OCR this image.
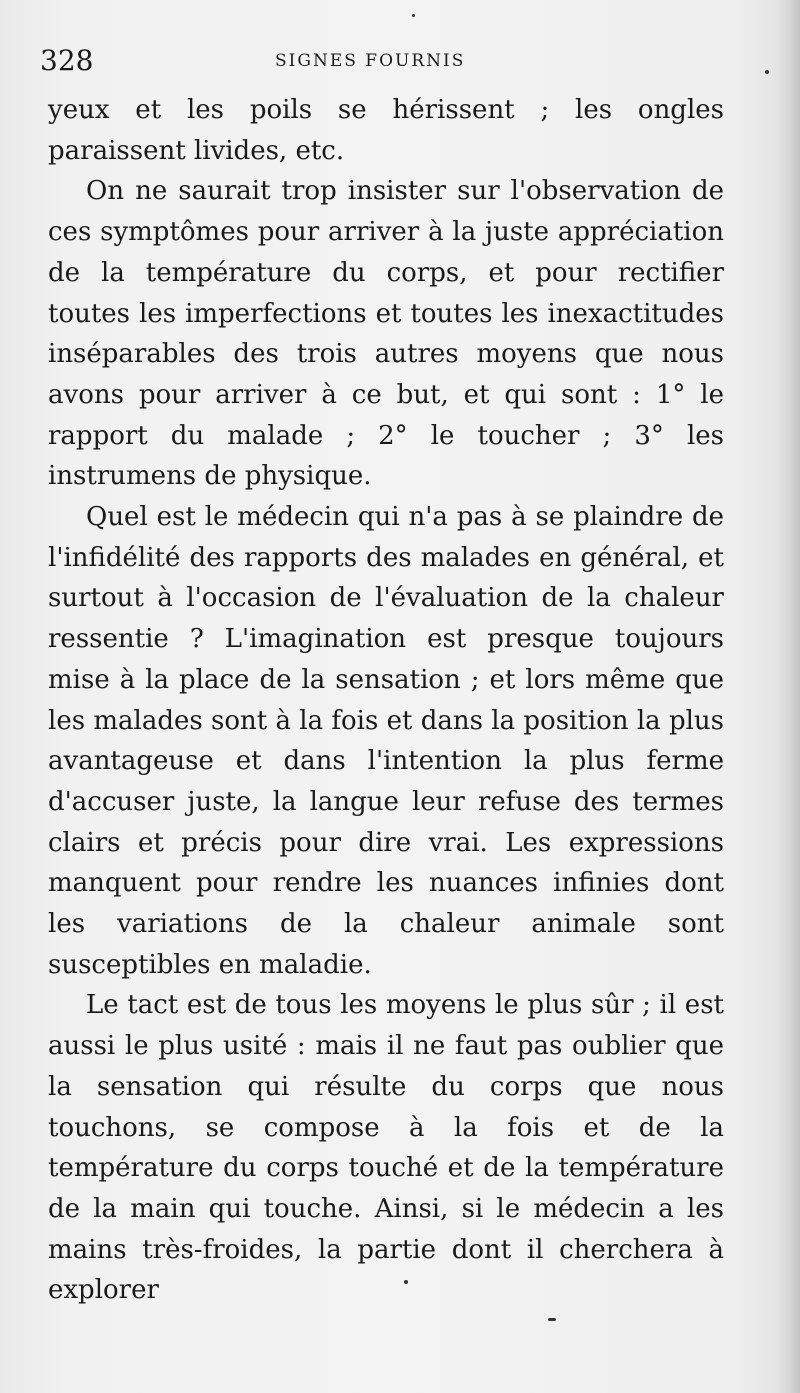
328	SIGNES FOURNIS

yeux et les poils se hérissent ; les ongles paraissent livides, etc.

On ne saurait trop insister sur l'observation de ces symptômes pour arriver à la juste appréciation de la température du corps, et pour rectifier toutes les imperfections et toutes les inexactitudes inséparables des trois autres moyens que nous avons pour arriver à ce but, et qui sont : 1° le rapport du malade ; 2° le toucher ; 3° les instrumens de physique.

Quel est le médecin qui n'a pas à se plaindre de l'infidélité des rapports des malades en général, et surtout à l'occasion de l'évaluation de la chaleur ressentie ? L'imagination est presque toujours mise à la place de la sensation ; et lors même que les malades sont à la fois et dans la position la plus avantageuse et dans l'intention la plus ferme d'accuser juste, la langue leur refuse des termes clairs et précis pour dire vrai. Les expressions manquent pour rendre les nuances infinies dont les variations de la chaleur animale sont susceptibles en maladie.

Le tact est de tous les moyens le plus sûr ; il est aussi le plus usité : mais il ne faut pas oublier que la sensation qui résulte du corps que nous touchons, se compose à la fois et de la température du corps touché et de la température de la main qui touche. Ainsi, si le médecin a les mains très-froides, la partie dont il cherchera à explorer
